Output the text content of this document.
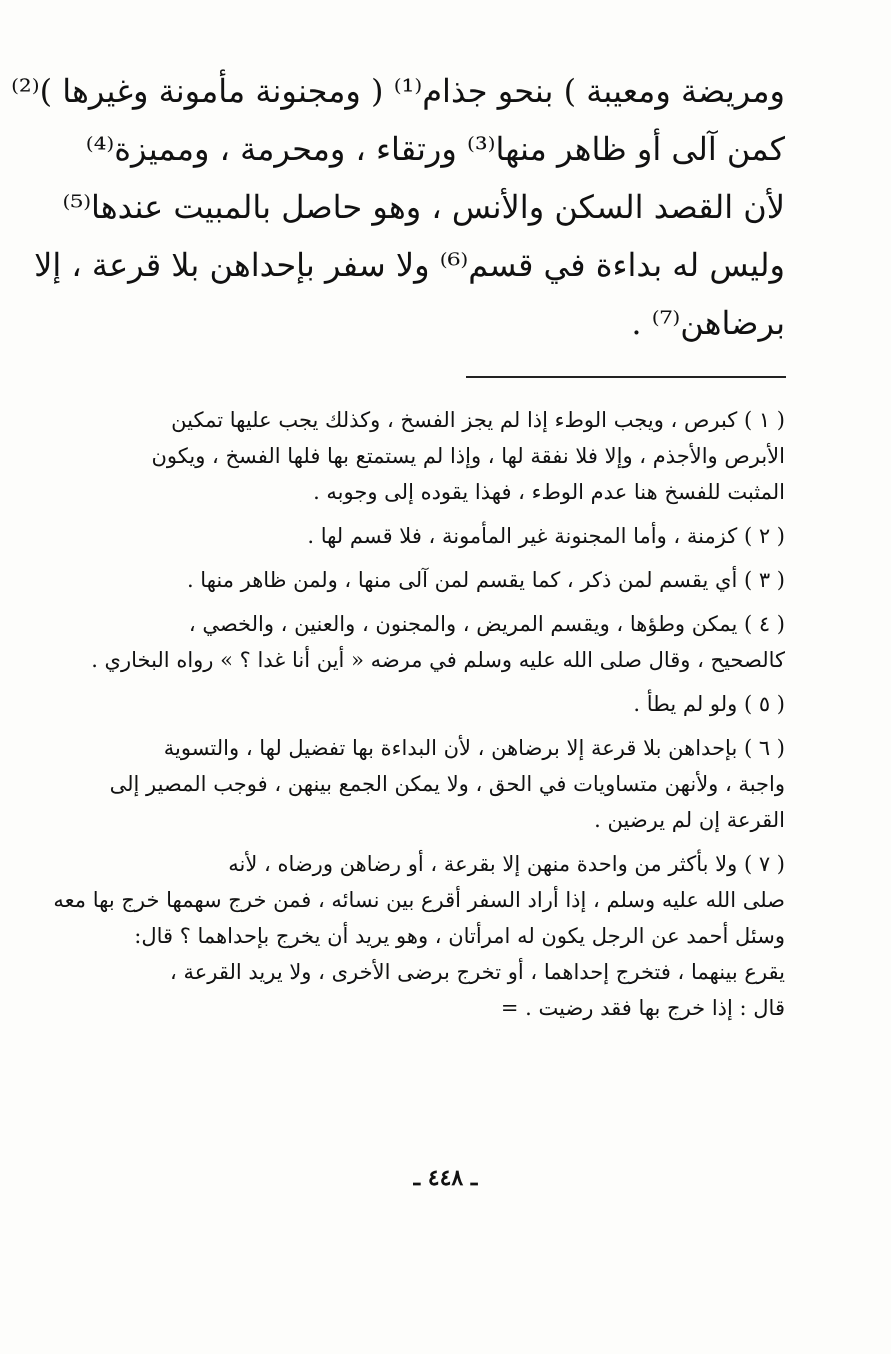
ومريضة ومعيبة ) بنحو جذام⁽¹⁾ ( ومجنونة مأمونة وغيرها )⁽²⁾
كمن آلى أو ظاهر منها⁽³⁾ ورتقاء ، ومحرمة ، ومميزة⁽⁴⁾
لأن القصد السكن والأنس ، وهو حاصل بالمبيت عندها⁽⁵⁾
وليس له بداءة في قسم⁽⁶⁾ ولا سفر بإحداهن بلا قرعة ، إلا
برضاهن⁽⁷⁾ .
( ١ ) كبرص ، ويجب الوطء إذا لم يجز الفسخ ، وكذلك يجب عليها تمكين
الأبرص والأجذم ، وإلا فلا نفقة لها ، وإذا لم يستمتع بها فلها الفسخ ، ويكون
المثبت للفسخ هنا عدم الوطء ، فهذا يقوده إلى وجوبه .
( ٢ ) كزمنة ، وأما المجنونة غير المأمونة ، فلا قسم لها .
( ٣ ) أي يقسم لمن ذكر ، كما يقسم لمن آلى منها ، ولمن ظاهر منها .
( ٤ ) يمكن وطؤها ، ويقسم المريض ، والمجنون ، والعنين ، والخصي ،
كالصحيح ، وقال صلى الله عليه وسلم في مرضه « أين أنا غدا ؟ » رواه البخاري .
( ٥ ) ولو لم يطأ .
( ٦ ) بإحداهن بلا قرعة إلا برضاهن ، لأن البداءة بها تفضيل لها ، والتسوية
واجبة ، ولأنهن متساويات في الحق ، ولا يمكن الجمع بينهن ، فوجب المصير إلى
القرعة إن لم يرضين .
( ٧ ) ولا بأكثر من واحدة منهن إلا بقرعة ، أو رضاهن ورضاه ، لأنه
صلى الله عليه وسلم ، إذا أراد السفر أقرع بين نسائه ، فمن خرج سهمها خرج بها معه
وسئل أحمد عن الرجل يكون له امرأتان ، وهو يريد أن يخرج بإحداهما ؟ قال:
يقرع بينهما ، فتخرج إحداهما ، أو تخرج برضى الأخرى ، ولا يريد القرعة ،
قال : إذا خرج بها فقد رضيت . =
ـ ٤٤٨ ـ
